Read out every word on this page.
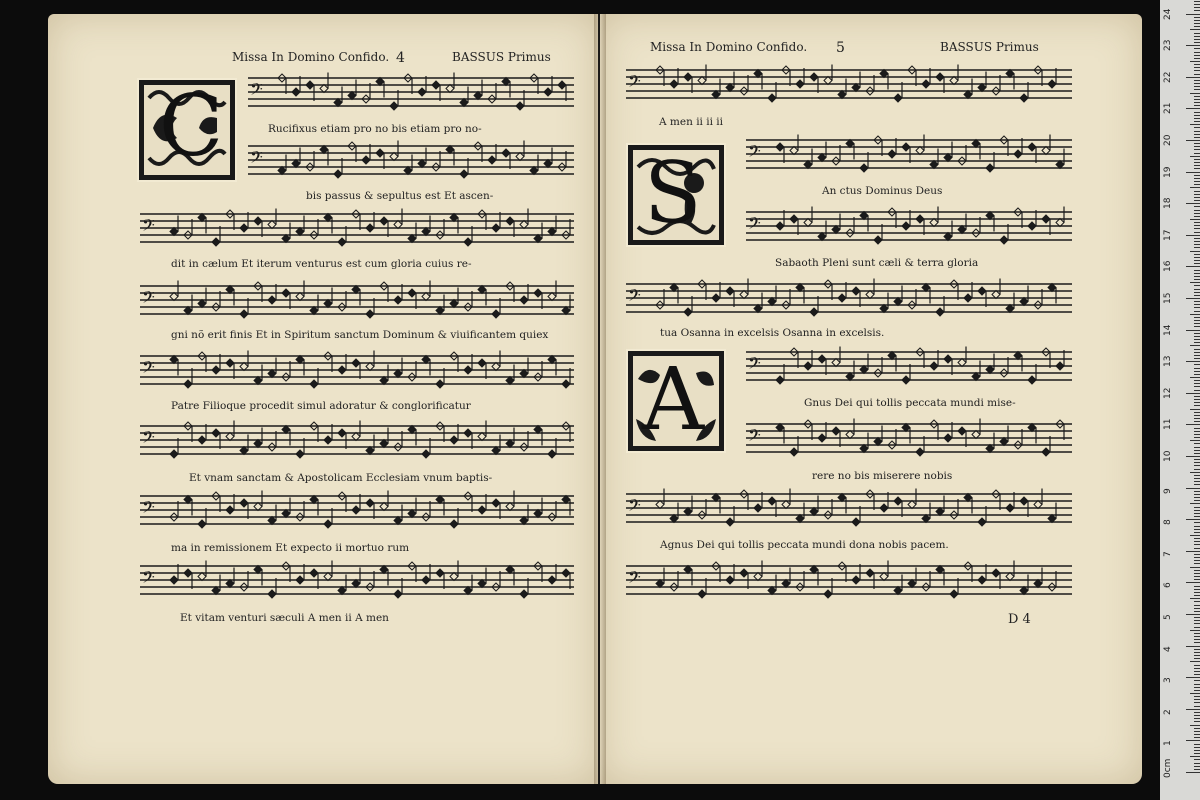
Missa In Domino Confido. 4	BASSUS Primus
C 𝄢
𝄢
𝄢
𝄢
𝄢
𝄢
𝄢
𝄢
Rucifixus etiam pro no bis etiam pro no-
bis passus & sepultus est Et ascen-
dit in cælum Et iterum venturus est cum gloria cuius re-
gni nõ erit finis Et in Spiritum sanctum Dominum & viuificantem quiex
Patre Filioque procedit simul adoratur & conglorificatur
Et vnam sanctam & Apostolicam Ecclesiam vnum baptis-
ma in remissionem Et expecto ii mortuo rum
Et vitam venturi sæculi A men ii A men
Missa In Domino Confido. 5	BASSUS Primus
S
A
𝄢
𝄢
𝄢
𝄢
𝄢
𝄢
𝄢
𝄢
A men ii ii ii
An ctus Dominus Deus
Sabaoth Pleni sunt cæli & terra gloria
tua Osanna in excelsis Osanna in excelsis.
Gnus Dei qui tollis peccata mundi mise-
rere no bis miserere nobis
Agnus Dei qui tollis peccata mundi dona nobis pacem.
D 4
0cm
1
2
3
4
5
6
7
8
9
10
11
12
13
14
15
16
17
18
19
20
21
22
23
24
